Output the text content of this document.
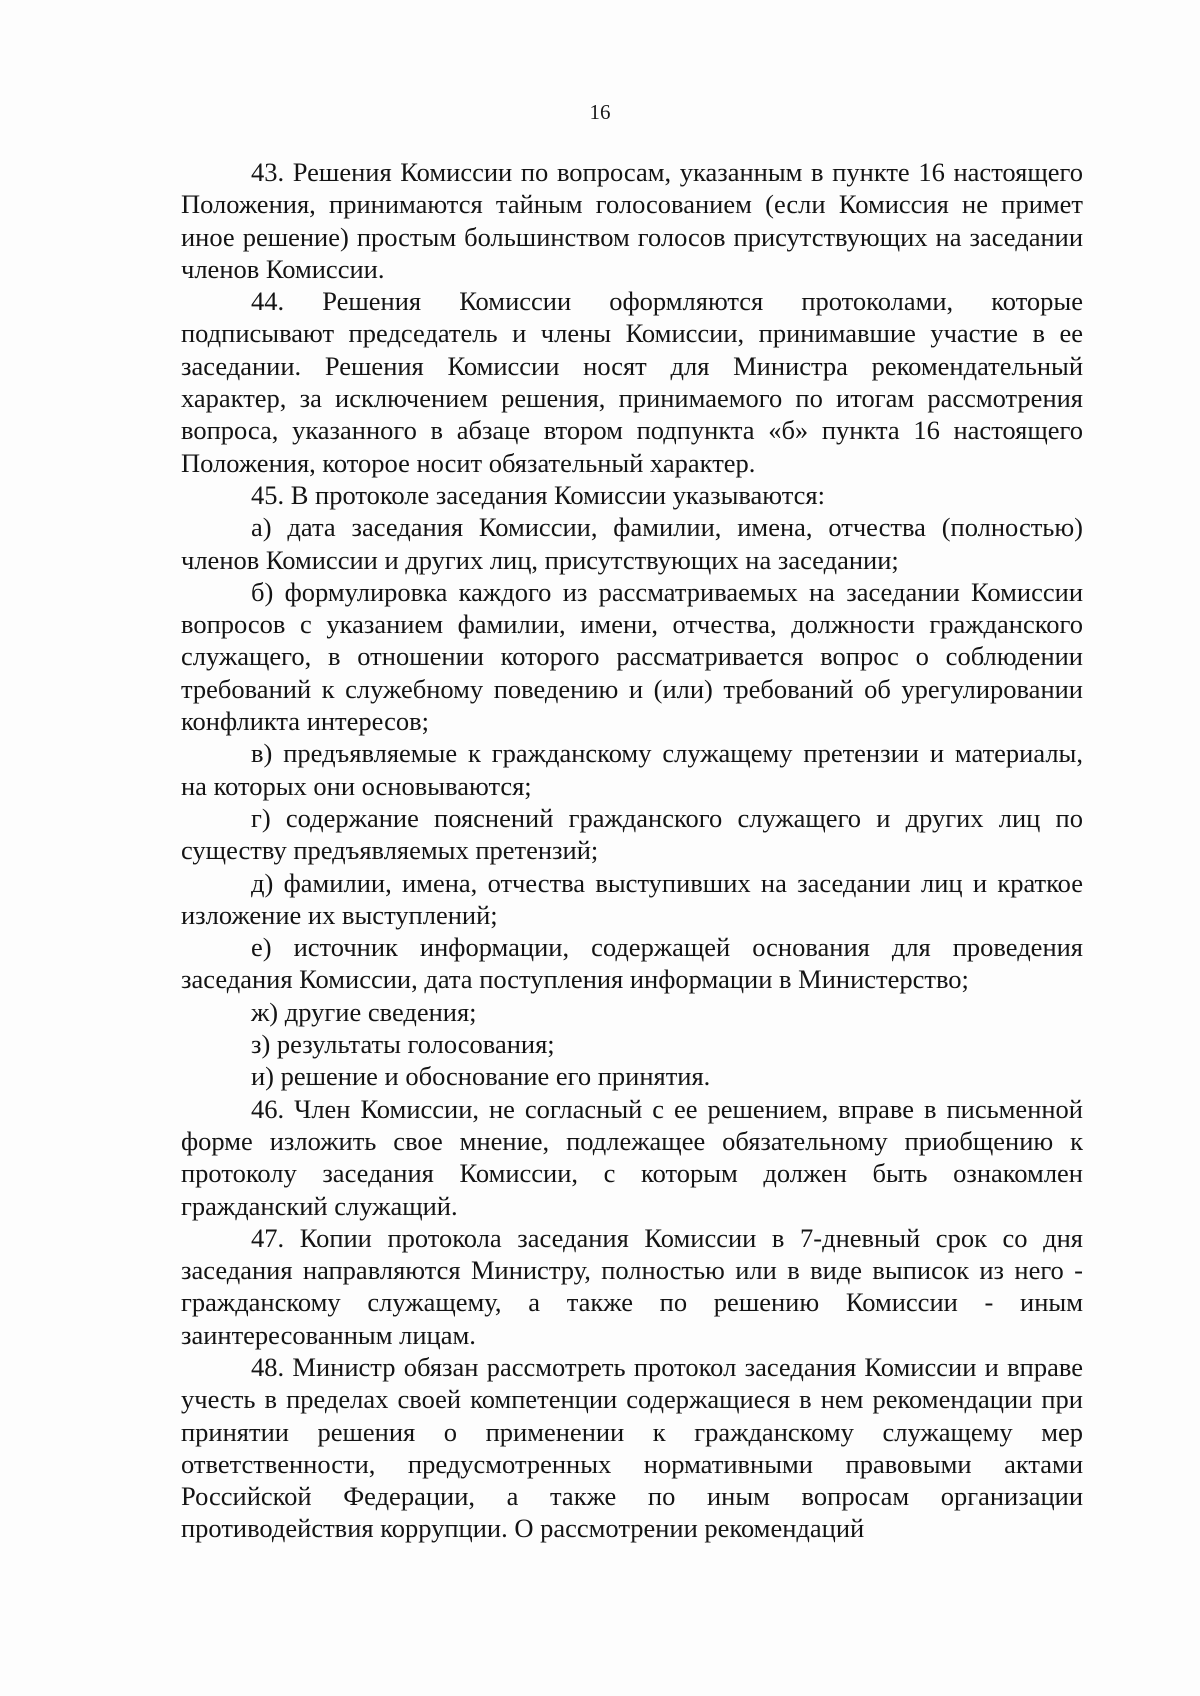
16

43. Решения Комиссии по вопросам, указанным в пункте 16 настоящего Положения, принимаются тайным голосованием (если Комиссия не примет иное решение) простым большинством голосов присутствующих на заседании членов Комиссии.

44. Решения Комиссии оформляются протоколами, которые подписывают председатель и члены Комиссии, принимавшие участие в ее заседании. Решения Комиссии носят для Министра рекомендательный характер, за исключением решения, принимаемого по итогам рассмотрения вопроса, указанного в абзаце втором подпункта «б» пункта 16 настоящего Положения, которое носит обязательный характер.

45. В протоколе заседания Комиссии указываются:

а) дата заседания Комиссии, фамилии, имена, отчества (полностью) членов Комиссии и других лиц, присутствующих на заседании;

б) формулировка каждого из рассматриваемых на заседании Комиссии вопросов с указанием фамилии, имени, отчества, должности гражданского служащего, в отношении которого рассматривается вопрос о соблюдении требований к служебному поведению и (или) требований об урегулировании конфликта интересов;

в) предъявляемые к гражданскому служащему претензии и материалы, на которых они основываются;

г) содержание пояснений гражданского служащего и других лиц по существу предъявляемых претензий;

д) фамилии, имена, отчества выступивших на заседании лиц и краткое изложение их выступлений;

е) источник информации, содержащей основания для проведения заседания Комиссии, дата поступления информации в Министерство;

ж) другие сведения;

з) результаты голосования;

и) решение и обоснование его принятия.

46. Член Комиссии, не согласный с ее решением, вправе в письменной форме изложить свое мнение, подлежащее обязательному приобщению к протоколу заседания Комиссии, с которым должен быть ознакомлен гражданский служащий.

47. Копии протокола заседания Комиссии в 7-дневный срок со дня заседания направляются Министру, полностью или в виде выписок из него - гражданскому служащему, а также по решению Комиссии - иным заинтересованным лицам.

48. Министр обязан рассмотреть протокол заседания Комиссии и вправе учесть в пределах своей компетенции содержащиеся в нем рекомендации при принятии решения о применении к гражданскому служащему мер ответственности, предусмотренных нормативными правовыми актами Российской Федерации, а также по иным вопросам организации противодействия коррупции. О рассмотрении рекомендаций
